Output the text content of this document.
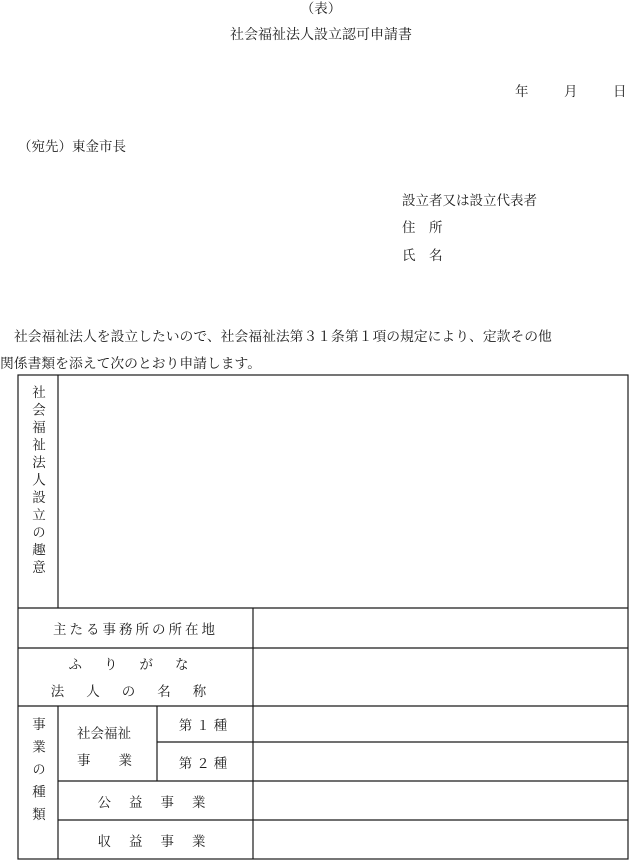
（表）
社会福祉法人設立認可申請書
年	月	日
（宛先）東金市長
設立者又は設立代表者
住　所
氏　名
社会福祉法人を設立したいので、社会福祉法第３１条第１項の規定により、定款その他
関係書類を添えて次のとおり申請します。
社会福祉法人設立の趣意
事業の種類
主たる事務所の所在地
ふりがな
法人の名称
社会福祉
事業
第１種
第２種
公益事業
収益事業
